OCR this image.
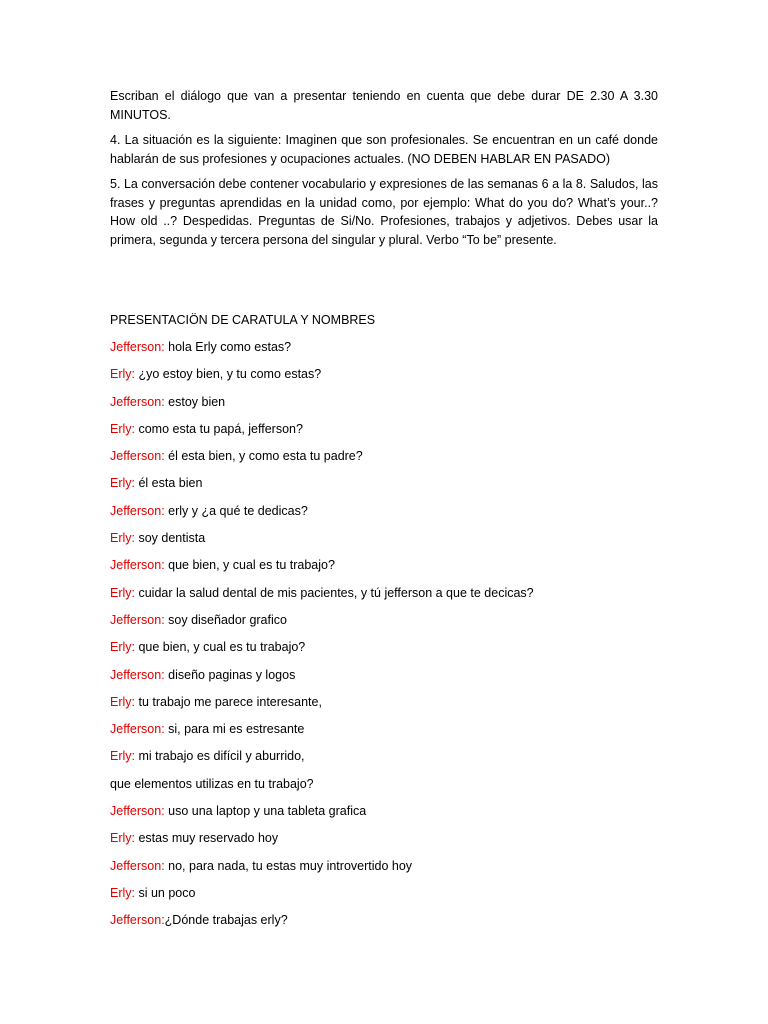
Escriban el diálogo que van a presentar teniendo en cuenta que debe durar DE 2.30 A 3.30 MINUTOS.

4. La situación es la siguiente: Imaginen que son profesionales. Se encuentran en un café donde hablarán de sus profesiones y ocupaciones actuales. (NO DEBEN HABLAR EN PASADO)

5. La conversación debe contener vocabulario y expresiones de las semanas 6 a la 8. Saludos, las frases y preguntas aprendidas en la unidad como, por ejemplo: What do you do? What’s your..? How old ..? Despedidas. Preguntas de Si/No. Profesiones, trabajos y adjetivos. Debes usar la primera, segunda y tercera persona del singular y plural. Verbo “To be” presente.

PRESENTACIÖN DE CARATULA Y NOMBRES

Jefferson: hola Erly como estas?
Erly: ¿yo estoy bien, y tu como estas?
Jefferson: estoy bien
Erly: como esta tu papá, jefferson?
Jefferson: él esta bien, y como esta tu padre?
Erly: él esta bien
Jefferson: erly y ¿a qué te dedicas?
Erly: soy dentista
Jefferson: que bien, y cual es tu trabajo?
Erly: cuidar la salud dental de mis pacientes, y tú jefferson a que te decicas?
Jefferson: soy diseñador grafico
Erly: que bien, y cual es tu trabajo?
Jefferson: diseño paginas y logos
Erly: tu trabajo me parece interesante,
Jefferson: si, para mi es estresante
Erly: mi trabajo es difícil y aburrido,
que elementos utilizas en tu trabajo?
Jefferson: uso una laptop y una tableta grafica
Erly: estas muy reservado hoy
Jefferson: no, para nada, tu estas muy introvertido hoy
Erly: si un poco
Jefferson:¿Dónde trabajas erly?
